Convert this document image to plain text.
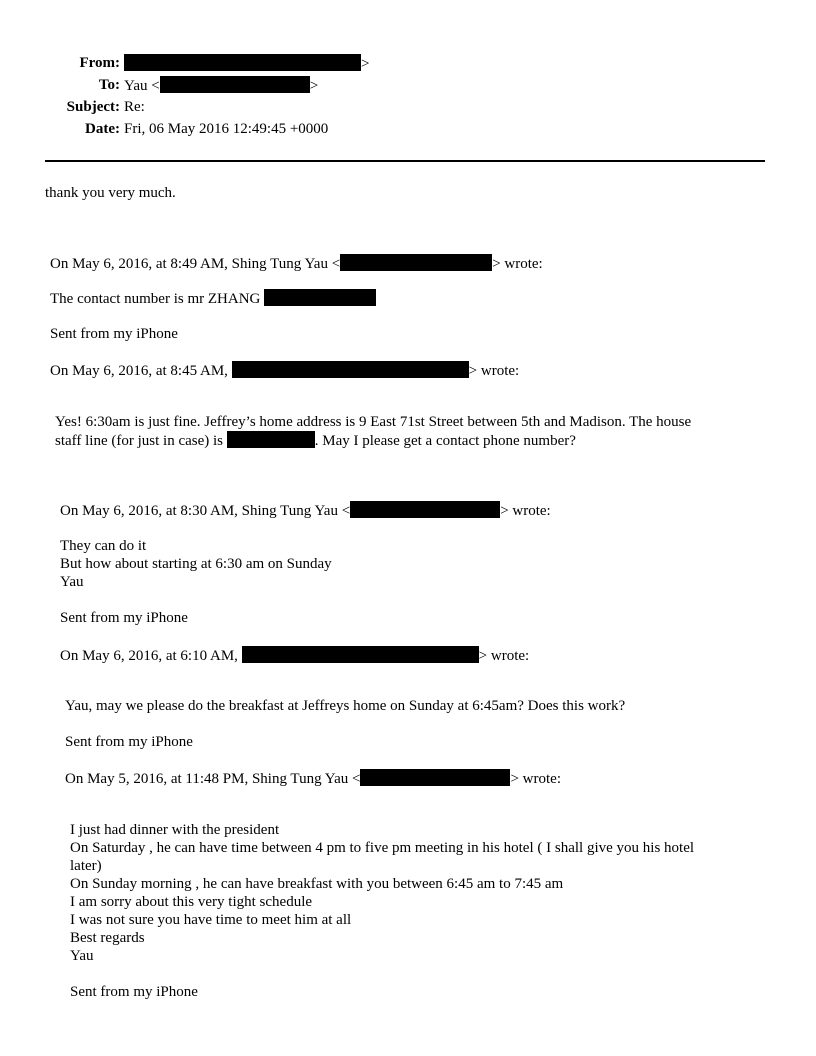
From:	>
To: Yau <	>
Subject: Re:
Date: Fri, 06 May 2016 12:49:45 +0000
thank you very much.
On May 6, 2016, at 8:49 AM, Shing Tung Yau <	> wrote:
The contact number is mr ZHANG
Sent from my iPhone
On May 6, 2016, at 8:45 AM,	> wrote:
Yes! 6:30am is just fine. Jeffrey’s home address is 9 East 71st Street between 5th and Madison. The house
staff line (for just in case) is	. May I please get a contact phone number?
On May 6, 2016, at 8:30 AM, Shing Tung Yau <	> wrote:
They can do it
But how about starting at 6:30 am on Sunday
Yau
Sent from my iPhone
On May 6, 2016, at 6:10 AM,	> wrote:
Yau, may we please do the breakfast at Jeffreys home on Sunday at 6:45am? Does this work?
Sent from my iPhone
On May 5, 2016, at 11:48 PM, Shing Tung Yau <	> wrote:
I just had dinner with the president
On Saturday , he can have time between 4 pm to five pm meeting in his hotel ( I shall give you his hotel
later)
On Sunday morning , he can have breakfast with you between 6:45 am to 7:45 am
I am sorry about this very tight schedule
I was not sure you have time to meet him at all
Best regards
Yau
Sent from my iPhone
